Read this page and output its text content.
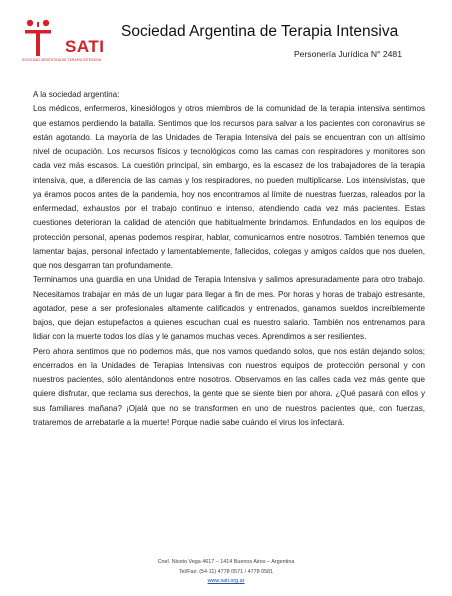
SATI
SOCIEDAD ARGENTINA DE TERAPIA INTENSIVA
Sociedad Argentina de Terapia Intensiva
Personería Jurídica N° 2481

A la sociedad argentina:

Los médicos, enfermeros, kinesiólogos y otros miembros de la comunidad de la terapia intensiva sentimos que estamos perdiendo la batalla. Sentimos que los recursos para salvar a los pacientes con coronavirus se están agotando. La mayoría de las Unidades de Terapia Intensiva del país se encuentran con un altísimo nivel de ocupación. Los recursos físicos y tecnológicos como las camas con respiradores y monitores son cada vez más escasos. La cuestión principal, sin embargo, es la escasez de los trabajadores de la terapia intensiva, que, a diferencia de las camas y los respiradores, no pueden multiplicarse. Los intensivistas, que ya éramos pocos antes de la pandemia, hoy nos encontramos al límite de nuestras fuerzas, raleados por la enfermedad, exhaustos por el trabajo continuo e intenso, atendiendo cada vez más pacientes. Estas cuestiones deterioran la calidad de atención que habitualmente brindamos. Enfundados en los equipos de protección personal, apenas podemos respirar, hablar, comunicarnos entre nosotros. También tenemos que lamentar bajas, personal infectado y lamentablemente, fallecidos, colegas y amigos caídos que nos duelen, que nos desgarran tan profundamente.

Terminamos una guardia en una Unidad de Terapia Intensiva y salimos apresuradamente para otro trabajo. Necesitamos trabajar en más de un lugar para llegar a fin de mes. Por horas y horas de trabajo estresante, agotador, pese a ser profesionales altamente calificados y entrenados, ganamos sueldos increíblemente bajos, que dejan estupefactos a quienes escuchan cual es nuestro salario. También nos entrenamos para lidiar con la muerte todos los días y le ganamos muchas veces. Aprendimos a ser resilientes.

Pero ahora sentimos que no podemos más, que nos vamos quedando solos, que nos están dejando solos; encerrados en la Unidades de Terapias Intensivas con nuestros equipos de protección personal y con nuestros pacientes, sólo alentándonos entre nosotros. Observamos en las calles cada vez más gente que quiere disfrutar, que reclama sus derechos, la gente que se siente bien por ahora. ¿Qué pasará con ellos y sus familiares mañana? ¡Ojalá que no se transformen en uno de nuestros pacientes que, con fuerzas, trataremos de arrebatarle a la muerte! Porque nadie sabe cuándo el virus los infectará.

Cnel. Niceto Vega 4617 – 1414 Buenos Aires – Argentina
Tel/Fax: (54-11) 4778 0571 / 4778 0581
www.sati.org.ar
